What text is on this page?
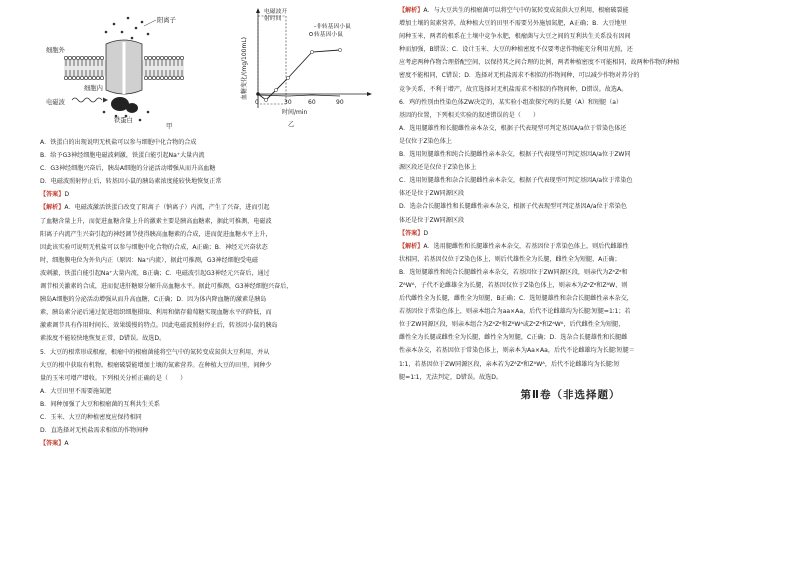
阳离子
细胞外
细胞内
电磁波
铁蛋白
甲
电磁波开
射时间
血糖变化/(mg/100mL)
-非转基因小鼠
转基因小鼠
0	30	60	90
时间/min
乙
A．铁蛋白的出现说明无机盐可以参与细胞中化合物的合成
B．给予G3神经细胞电磁波刺激，铁蛋白能引起Na⁺大量内流
C．G3神经细胞兴奋后，胰岛A细胞的分泌活动增强从而升高血糖
D．电磁波照射停止后，转基因小鼠的胰岛素浓度能较快地恢复正常
【答案】D
【解析】A．电磁波激活铁蛋白改变了阳离子（钠离子）内流，产生了兴奋，进而引起
了血糖含量上升，而促进血糖含量上升的激素主要是胰高血糖素，据此可推测，电磁波
阳离子内流产生兴奋引起的神经调节使得胰高血糖素的合成，进而促进血糖水平上升，
因此该实验可说明无机盐可以参与细胞中化合物的合成，A正确；B．神经元兴奋状态
时，细胞膜电位为外负内正（原因：Na⁺内流），据此可推测，G3神经细胞受电磁
波刺激，铁蛋白能引起Na⁺大量内流，B正确；C．电磁波引起G3神经元兴奋后，通过
调节相关激素的合成，进而促进肝糖原分解升高血糖水平。据此可推测，G3神经细胞兴奋后，
胰岛A细胞的分泌活动增强从而升高血糖，C正确；D．因为体内降血糖的激素是胰岛
素，胰岛素分泌后通过促进组织细胞摄取、利用和储存葡萄糖实现血糖水平的降低，而
激素调节具有作用时间长、效果缓慢的特点。因此电磁波照射停止后，转基因小鼠的胰岛
素浓度不能较快地恢复正常，D错误。故选D。
5．大豆的根常形成根瘤，根瘤中的根瘤菌能将空气中的氮转变成氮供大豆利用，并从
大豆的根中获取有机物。根瘤破裂能增加土壤的氮素营养。在种植大豆的田里，间种少
量的玉米可增产增收。下列相关分析正确的是（　　）
A．大豆田里不需要施氮肥
B．间种加强了大豆和根瘤菌的互利共生关系
C．玉米、大豆的种植密度应保持相同
D．直选择对无机盐需求相似的作物间种
【答案】A
【解析】A．与大豆共生的根瘤菌可以将空气中的氮转变成氮供大豆利用，根瘤破裂能
增加土壤的氮素营养，故种植大豆的田里不需要另外施加氮肥，A正确；B．大豆地里
间种玉米，两者的根系在土壤中竞争水肥，根瘤菌与大豆之间的互利共生关系没有因间
种而加强，B错误；C．设计玉米、大豆的种植密度不仅要考虑作物能充分利用光照，还
应考虑两种作物合理搭配空间，以保持其之间合理的比例，两者种植密度不可能相同，故两种作物的种植
密度不能相同，C错误；D．选择对无机盐需求不相似的作物间种，可以减少作物对养分的
竞争关系，不利于增产，故宜选择对无机盐需求不相似的作物间种，D错误。故选A。
6．鸡的性别由性染色体ZW决定的，某实验小组欲探究鸡的长腿（A）和短腿（a）
基因的位置，下列相关实验的叙述错误的是（　　）
A．选用腿雄性和长腿雌性亲本杂交，根据子代表现型可判定基因A/a位于常染色体还
是仅位于Z染色体上
B．选用短腿雄性和纯合长腿雌性亲本杂交，根据子代表现型可判定基因A/a位于ZW同
源区段还是仅位于Z染色体上
C．选用短腿雄性和杂合长腿雌性亲本杂交，根据子代表现型可判定基因A/a位于常染色
体还是位于ZW同源区段
D．选杂合长腿雄性和长腿雌性亲本杂交，根据子代表现型可判定基因A/a位于常染色
体还是位于ZW同源区段
【答案】D
【解析】A．选用腿雌性和长腿雄性亲本杂交，若基因位于常染色体上，则后代雌雄性
状相同，若基因仅位于Z染色体上，则后代雄性全为长腿，雌性全为短腿，A正确；
B．选短腿雄性和纯合长腿雌性亲本杂交，若基因位于ZW同源区段，则亲代为ZᵃZᵃ和
ZᴬWᴬ，子代不论雌雄全为长腿，若基因仅位于Z染色体上，则亲本为ZᵃZᵃ和ZᴬW，则
后代雌性全为长腿，雌性全为短腿，B正确；C．选短腿雄性和杂合长腿雌性亲本杂交，
若基因位于常染色体上，则亲本组合为aa×Aa，后代不论雌雄均为长腿∶短腿=1∶1；若
位于ZW同源区段，则亲本组合为ZᵃZᵃ和ZᴬWᵃ或ZᵃZᵃ和ZᵃWᴬ，后代雌性全为短腿，
雌性全为长腿或雌性全为长腿，雌性全为短腿，C正确；D．选杂合长腿雄性和长腿雌
性亲本杂交，若基因位于常染色体上，则亲本为Aa×Aa，后代不论雌雄均为长腿∶短腿＝
1∶1，若基因位于ZW同源区段，亲本若为ZᴬZᵃ和ZᴬWᴬ，后代不论雌雄均为长腿∶短
腿=1∶1，无法判定，D错误。故选D。
第Ⅱ卷（非选择题）
